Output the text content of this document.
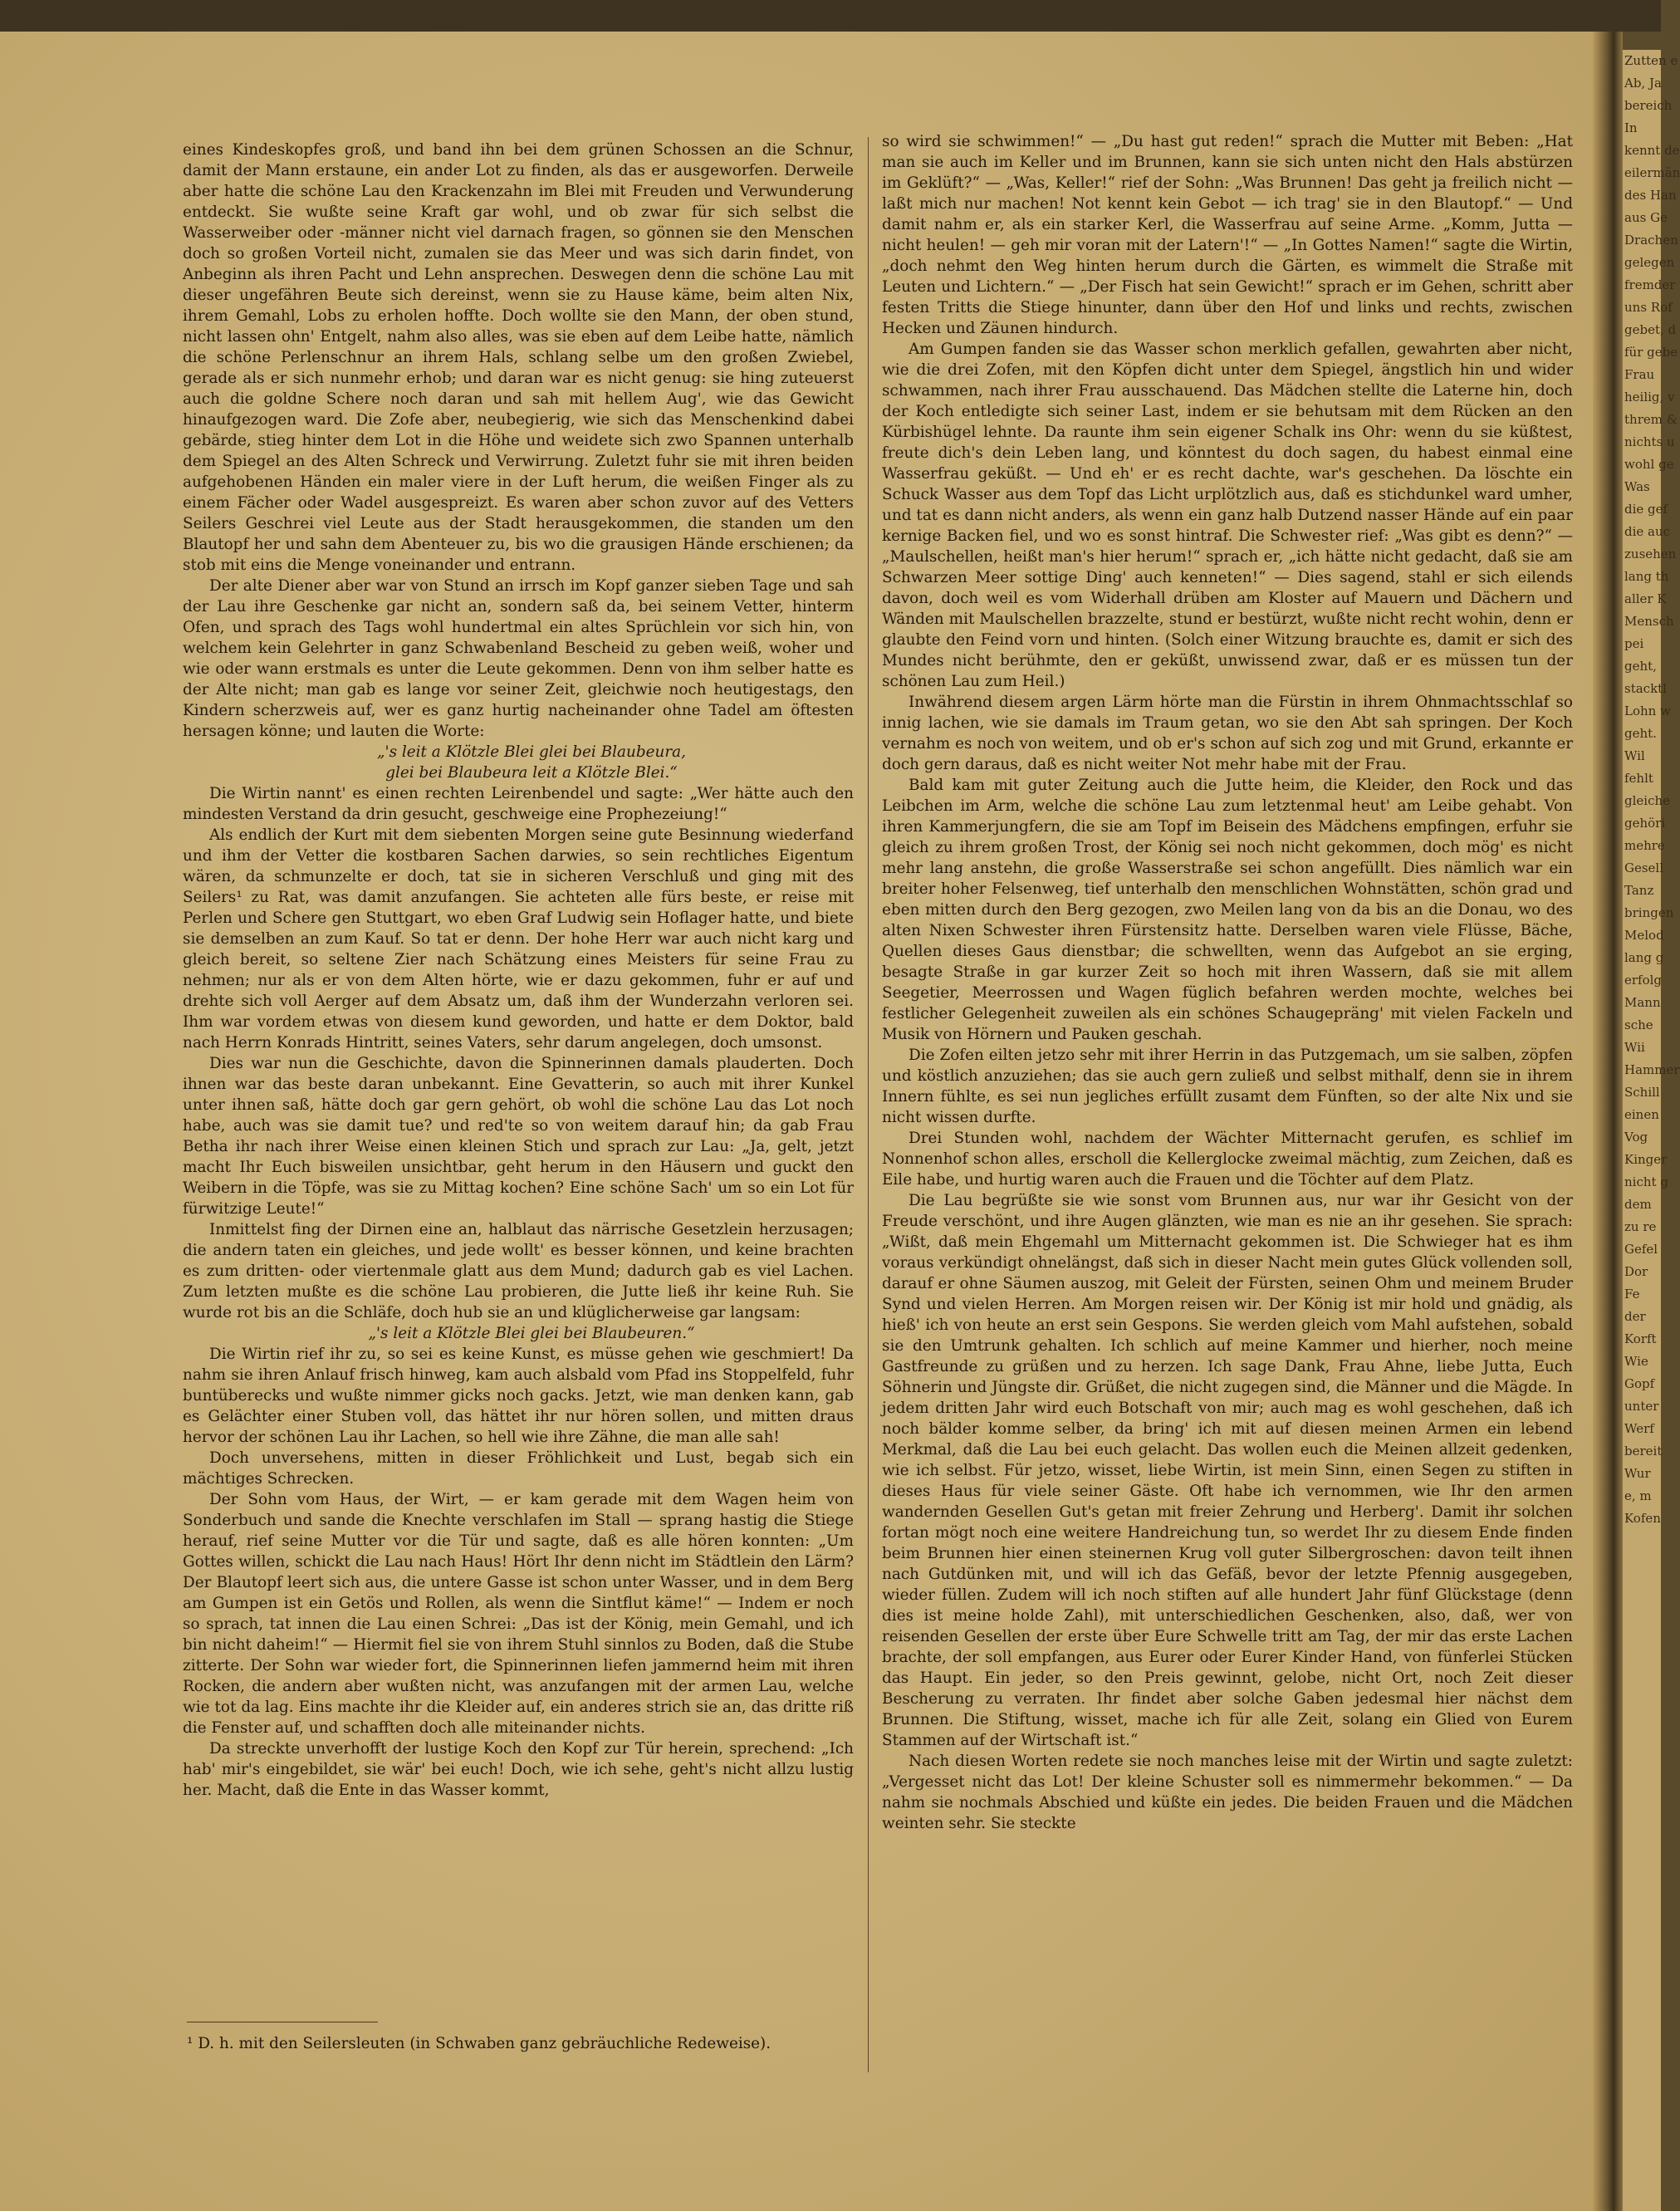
eines Kindeskopfes groß, und band ihn bei dem grünen Schossen an die Schnur, damit der Mann erstaune, ein ander Lot zu finden, als das er ausgeworfen. Derweile aber hatte die schöne Lau den Krackenzahn im Blei mit Freuden und Verwunderung entdeckt. Sie wußte seine Kraft gar wohl, und ob zwar für sich selbst die Wasserweiber oder -männer nicht viel darnach fragen, so gönnen sie den Menschen doch so großen Vorteil nicht, zumalen sie das Meer und was sich darin findet, von Anbeginn als ihren Pacht und Lehn ansprechen. Deswegen denn die schöne Lau mit dieser ungefähren Beute sich dereinst, wenn sie zu Hause käme, beim alten Nix, ihrem Gemahl, Lobs zu erholen hoffte. Doch wollte sie den Mann, der oben stund, nicht lassen ohn' Entgelt, nahm also alles, was sie eben auf dem Leibe hatte, nämlich die schöne Perlenschnur an ihrem Hals, schlang selbe um den großen Zwiebel, gerade als er sich nunmehr erhob; und daran war es nicht genug: sie hing zuteuerst auch die goldne Schere noch daran und sah mit hellem Aug', wie das Gewicht hinaufgezogen ward. Die Zofe aber, neubegierig, wie sich das Menschenkind dabei gebärde, stieg hinter dem Lot in die Höhe und weidete sich zwo Spannen unterhalb dem Spiegel an des Alten Schreck und Verwirrung. Zuletzt fuhr sie mit ihren beiden aufgehobenen Händen ein maler viere in der Luft herum, die weißen Finger als zu einem Fächer oder Wadel ausgespreizt. Es waren aber schon zuvor auf des Vetters Seilers Geschrei viel Leute aus der Stadt herausgekommen, die standen um den Blautopf her und sahn dem Abenteuer zu, bis wo die grausigen Hände erschienen; da stob mit eins die Menge voneinander und entrann.

Der alte Diener aber war von Stund an irrsch im Kopf ganzer sieben Tage und sah der Lau ihre Geschenke gar nicht an, sondern saß da, bei seinem Vetter, hinterm Ofen, und sprach des Tags wohl hundertmal ein altes Sprüchlein vor sich hin, von welchem kein Gelehrter in ganz Schwabenland Bescheid zu geben weiß, woher und wie oder wann erstmals es unter die Leute gekommen. Denn von ihm selber hatte es der Alte nicht; man gab es lange vor seiner Zeit, gleichwie noch heutigestags, den Kindern scherzweis auf, wer es ganz hurtig nacheinander ohne Tadel am öftesten hersagen könne; und lauten die Worte:

„'s leit a Klötzle Blei glei bei Blaubeura,

glei bei Blaubeura leit a Klötzle Blei.“

Die Wirtin nannt' es einen rechten Leirenbendel und sagte: „Wer hätte auch den mindesten Verstand da drin gesucht, geschweige eine Prophezeiung!“

Als endlich der Kurt mit dem siebenten Morgen seine gute Besinnung wiederfand und ihm der Vetter die kostbaren Sachen darwies, so sein rechtliches Eigentum wären, da schmunzelte er doch, tat sie in sicheren Verschluß und ging mit des Seilers¹ zu Rat, was damit anzufangen. Sie achteten alle fürs beste, er reise mit Perlen und Schere gen Stuttgart, wo eben Graf Ludwig sein Hoflager hatte, und biete sie demselben an zum Kauf. So tat er denn. Der hohe Herr war auch nicht karg und gleich bereit, so seltene Zier nach Schätzung eines Meisters für seine Frau zu nehmen; nur als er von dem Alten hörte, wie er dazu gekommen, fuhr er auf und drehte sich voll Aerger auf dem Absatz um, daß ihm der Wunderzahn verloren sei. Ihm war vordem etwas von diesem kund geworden, und hatte er dem Doktor, bald nach Herrn Konrads Hintritt, seines Vaters, sehr darum angelegen, doch umsonst.

Dies war nun die Geschichte, davon die Spinnerinnen damals plauderten. Doch ihnen war das beste daran unbekannt. Eine Gevatterin, so auch mit ihrer Kunkel unter ihnen saß, hätte doch gar gern gehört, ob wohl die schöne Lau das Lot noch habe, auch was sie damit tue? und red'te so von weitem darauf hin; da gab Frau Betha ihr nach ihrer Weise einen kleinen Stich und sprach zur Lau: „Ja, gelt, jetzt macht Ihr Euch bisweilen unsichtbar, geht herum in den Häusern und guckt den Weibern in die Töpfe, was sie zu Mittag kochen? Eine schöne Sach' um so ein Lot für fürwitzige Leute!“

Inmittelst fing der Dirnen eine an, halblaut das närrische Gesetzlein herzusagen; die andern taten ein gleiches, und jede wollt' es besser können, und keine brachten es zum dritten- oder viertenmale glatt aus dem Mund; dadurch gab es viel Lachen. Zum letzten mußte es die schöne Lau probieren, die Jutte ließ ihr keine Ruh. Sie wurde rot bis an die Schläfe, doch hub sie an und klüglicherweise gar langsam:

„'s leit a Klötzle Blei glei bei Blaubeuren.“

Die Wirtin rief ihr zu, so sei es keine Kunst, es müsse gehen wie geschmiert! Da nahm sie ihren Anlauf frisch hinweg, kam auch alsbald vom Pfad ins Stoppelfeld, fuhr buntüberecks und wußte nimmer gicks noch gacks. Jetzt, wie man denken kann, gab es Gelächter einer Stuben voll, das hättet ihr nur hören sollen, und mitten draus hervor der schönen Lau ihr Lachen, so hell wie ihre Zähne, die man alle sah!

Doch unversehens, mitten in dieser Fröhlichkeit und Lust, begab sich ein mächtiges Schrecken.

Der Sohn vom Haus, der Wirt, — er kam gerade mit dem Wagen heim von Sonderbuch und sande die Knechte verschlafen im Stall — sprang hastig die Stiege herauf, rief seine Mutter vor die Tür und sagte, daß es alle hören konnten: „Um Gottes willen, schickt die Lau nach Haus! Hört Ihr denn nicht im Städtlein den Lärm? Der Blautopf leert sich aus, die untere Gasse ist schon unter Wasser, und in dem Berg am Gumpen ist ein Getös und Rollen, als wenn die Sintflut käme!“ — Indem er noch so sprach, tat innen die Lau einen Schrei: „Das ist der König, mein Gemahl, und ich bin nicht daheim!“ — Hiermit fiel sie von ihrem Stuhl sinnlos zu Boden, daß die Stube zitterte. Der Sohn war wieder fort, die Spinnerinnen liefen jammernd heim mit ihren Rocken, die andern aber wußten nicht, was anzufangen mit der armen Lau, welche wie tot da lag. Eins machte ihr die Kleider auf, ein anderes strich sie an, das dritte riß die Fenster auf, und schafften doch alle miteinander nichts.

Da streckte unverhofft der lustige Koch den Kopf zur Tür herein, sprechend: „Ich hab' mir's eingebildet, sie wär' bei euch! Doch, wie ich sehe, geht's nicht allzu lustig her. Macht, daß die Ente in das Wasser kommt,

so wird sie schwimmen!“ — „Du hast gut reden!“ sprach die Mutter mit Beben: „Hat man sie auch im Keller und im Brunnen, kann sie sich unten nicht den Hals abstürzen im Geklüft?“ — „Was, Keller!“ rief der Sohn: „Was Brunnen! Das geht ja freilich nicht — laßt mich nur machen! Not kennt kein Gebot — ich trag' sie in den Blautopf.“ — Und damit nahm er, als ein starker Kerl, die Wasserfrau auf seine Arme. „Komm, Jutta — nicht heulen! — geh mir voran mit der Latern'!“ — „In Gottes Namen!“ sagte die Wirtin, „doch nehmt den Weg hinten herum durch die Gärten, es wimmelt die Straße mit Leuten und Lichtern.“ — „Der Fisch hat sein Gewicht!“ sprach er im Gehen, schritt aber festen Tritts die Stiege hinunter, dann über den Hof und links und rechts, zwischen Hecken und Zäunen hindurch.

Am Gumpen fanden sie das Wasser schon merklich gefallen, gewahrten aber nicht, wie die drei Zofen, mit den Köpfen dicht unter dem Spiegel, ängstlich hin und wider schwammen, nach ihrer Frau ausschauend. Das Mädchen stellte die Laterne hin, doch der Koch entledigte sich seiner Last, indem er sie behutsam mit dem Rücken an den Kürbishügel lehnte. Da raunte ihm sein eigener Schalk ins Ohr: wenn du sie küßtest, freute dich's dein Leben lang, und könntest du doch sagen, du habest einmal eine Wasserfrau geküßt. — Und eh' er es recht dachte, war's geschehen. Da löschte ein Schuck Wasser aus dem Topf das Licht urplötzlich aus, daß es stichdunkel ward umher, und tat es dann nicht anders, als wenn ein ganz halb Dutzend nasser Hände auf ein paar kernige Backen fiel, und wo es sonst hintraf. Die Schwester rief: „Was gibt es denn?“ — „Maulschellen, heißt man's hier herum!“ sprach er, „ich hätte nicht gedacht, daß sie am Schwarzen Meer sottige Ding' auch kenneten!“ — Dies sagend, stahl er sich eilends davon, doch weil es vom Widerhall drüben am Kloster auf Mauern und Dächern und Wänden mit Maulschellen brazzelte, stund er bestürzt, wußte nicht recht wohin, denn er glaubte den Feind vorn und hinten. (Solch einer Witzung brauchte es, damit er sich des Mundes nicht berühmte, den er geküßt, unwissend zwar, daß er es müssen tun der schönen Lau zum Heil.)

Inwährend diesem argen Lärm hörte man die Fürstin in ihrem Ohnmachtsschlaf so innig lachen, wie sie damals im Traum getan, wo sie den Abt sah springen. Der Koch vernahm es noch von weitem, und ob er's schon auf sich zog und mit Grund, erkannte er doch gern daraus, daß es nicht weiter Not mehr habe mit der Frau.

Bald kam mit guter Zeitung auch die Jutte heim, die Kleider, den Rock und das Leibchen im Arm, welche die schöne Lau zum letztenmal heut' am Leibe gehabt. Von ihren Kammerjungfern, die sie am Topf im Beisein des Mädchens empfingen, erfuhr sie gleich zu ihrem großen Trost, der König sei noch nicht gekommen, doch mög' es nicht mehr lang anstehn, die große Wasserstraße sei schon angefüllt. Dies nämlich war ein breiter hoher Felsenweg, tief unterhalb den menschlichen Wohnstätten, schön grad und eben mitten durch den Berg gezogen, zwo Meilen lang von da bis an die Donau, wo des alten Nixen Schwester ihren Fürstensitz hatte. Derselben waren viele Flüsse, Bäche, Quellen dieses Gaus dienstbar; die schwellten, wenn das Aufgebot an sie erging, besagte Straße in gar kurzer Zeit so hoch mit ihren Wassern, daß sie mit allem Seegetier, Meerrossen und Wagen füglich befahren werden mochte, welches bei festlicher Gelegenheit zuweilen als ein schönes Schaugepräng' mit vielen Fackeln und Musik von Hörnern und Pauken geschah.

Die Zofen eilten jetzo sehr mit ihrer Herrin in das Putzgemach, um sie salben, zöpfen und köstlich anzuziehen; das sie auch gern zuließ und selbst mithalf, denn sie in ihrem Innern fühlte, es sei nun jegliches erfüllt zusamt dem Fünften, so der alte Nix und sie nicht wissen durfte.

Drei Stunden wohl, nachdem der Wächter Mitternacht gerufen, es schlief im Nonnenhof schon alles, erscholl die Kellerglocke zweimal mächtig, zum Zeichen, daß es Eile habe, und hurtig waren auch die Frauen und die Töchter auf dem Platz.

Die Lau begrüßte sie wie sonst vom Brunnen aus, nur war ihr Gesicht von der Freude verschönt, und ihre Augen glänzten, wie man es nie an ihr gesehen. Sie sprach: „Wißt, daß mein Ehgemahl um Mitternacht gekommen ist. Die Schwieger hat es ihm voraus verkündigt ohnelängst, daß sich in dieser Nacht mein gutes Glück vollenden soll, darauf er ohne Säumen auszog, mit Geleit der Fürsten, seinen Ohm und meinem Bruder Synd und vielen Herren. Am Morgen reisen wir. Der König ist mir hold und gnädig, als hieß' ich von heute an erst sein Gespons. Sie werden gleich vom Mahl aufstehen, sobald sie den Umtrunk gehalten. Ich schlich auf meine Kammer und hierher, noch meine Gastfreunde zu grüßen und zu herzen. Ich sage Dank, Frau Ahne, liebe Jutta, Euch Söhnerin und Jüngste dir. Grüßet, die nicht zugegen sind, die Männer und die Mägde. In jedem dritten Jahr wird euch Botschaft von mir; auch mag es wohl geschehen, daß ich noch bälder komme selber, da bring' ich mit auf diesen meinen Armen ein lebend Merkmal, daß die Lau bei euch gelacht. Das wollen euch die Meinen allzeit gedenken, wie ich selbst. Für jetzo, wisset, liebe Wirtin, ist mein Sinn, einen Segen zu stiften in dieses Haus für viele seiner Gäste. Oft habe ich vernommen, wie Ihr den armen wandernden Gesellen Gut's getan mit freier Zehrung und Herberg'. Damit ihr solchen fortan mögt noch eine weitere Handreichung tun, so werdet Ihr zu diesem Ende finden beim Brunnen hier einen steinernen Krug voll guter Silbergroschen: davon teilt ihnen nach Gutdünken mit, und will ich das Gefäß, bevor der letzte Pfennig ausgegeben, wieder füllen. Zudem will ich noch stiften auf alle hundert Jahr fünf Glückstage (denn dies ist meine holde Zahl), mit unterschiedlichen Geschenken, also, daß, wer von reisenden Gesellen der erste über Eure Schwelle tritt am Tag, der mir das erste Lachen brachte, der soll empfangen, aus Eurer oder Eurer Kinder Hand, von fünferlei Stücken das Haupt. Ein jeder, so den Preis gewinnt, gelobe, nicht Ort, noch Zeit dieser Bescherung zu verraten. Ihr findet aber solche Gaben jedesmal hier nächst dem Brunnen. Die Stiftung, wisset, mache ich für alle Zeit, solang ein Glied von Eurem Stammen auf der Wirtschaft ist.“

Nach diesen Worten redete sie noch manches leise mit der Wirtin und sagte zuletzt: „Vergesset nicht das Lot! Der kleine Schuster soll es nimmermehr bekommen.“ — Da nahm sie nochmals Abschied und küßte ein jedes. Die beiden Frauen und die Mädchen weinten sehr. Sie steckte

¹ D. h. mit den Seilersleuten (in Schwaben ganz gebräuchliche Redeweise).
Zutten e
Ab, Ja
bereich
In
kennt de
eilermän
des Han
aus Ge
Drachen
gelegen
fremder
uns Rof
gebet, d
für gebe
Frau
heilig, v
threm &
nichts u
wohl ge
Was
die gef
die auc
zusehen
lang th
aller K
Mensch
pei
geht,
stacktl
Lohn w
geht.
Wil
fehlt
gleiche
gehöri
mehre
Gesell
Tanz
bringen
Melod
lang g
erfolg
Mann
sche
Wii
Hammer
Schill
einen
Vog
Kinger
nicht g
dem
zu re
Gefel
Dor
Fe
der
Korft
Wie
Gopf
unter
Werf
bereit
Wur
e, m
Kofen
